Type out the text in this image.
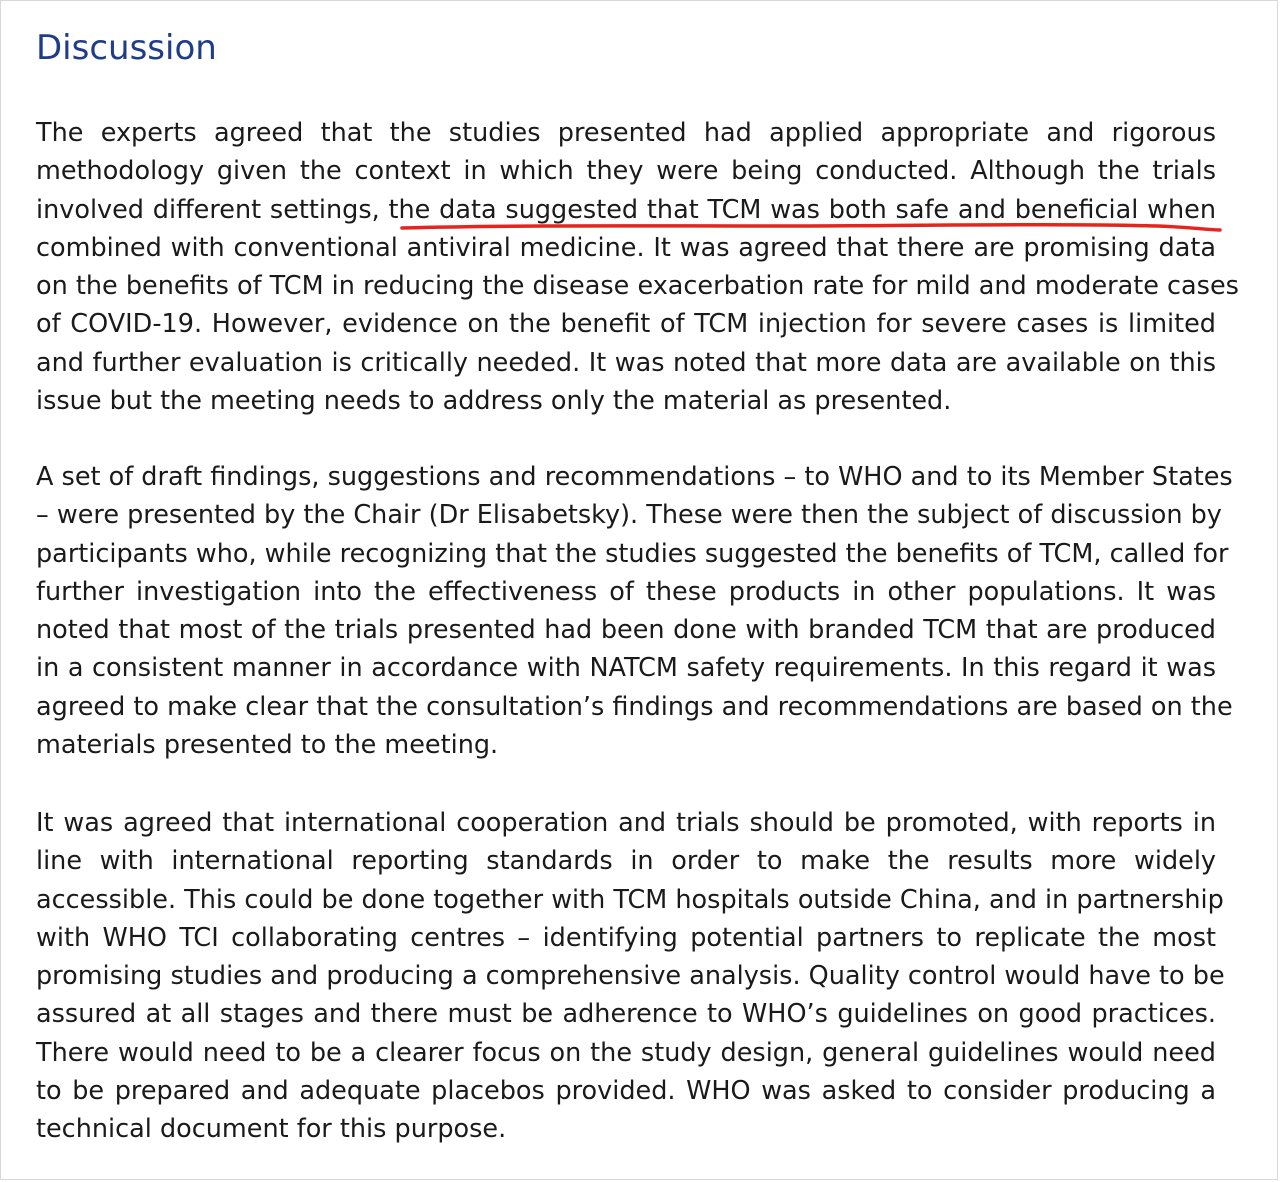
Discussion
The experts agreed that the studies presented had applied appropriate and rigorous
methodology given the context in which they were being conducted. Although the trials
involved different settings, the data suggested that TCM was both safe and beneficial when
combined with conventional antiviral medicine. It was agreed that there are promising data
on the benefits of TCM in reducing the disease exacerbation rate for mild and moderate cases
of COVID-19. However, evidence on the benefit of TCM injection for severe cases is limited
and further evaluation is critically needed. It was noted that more data are available on this
issue but the meeting needs to address only the material as presented.
A set of draft findings, suggestions and recommendations – to WHO and to its Member States
– were presented by the Chair (Dr Elisabetsky). These were then the subject of discussion by
participants who, while recognizing that the studies suggested the benefits of TCM, called for
further investigation into the effectiveness of these products in other populations. It was
noted that most of the trials presented had been done with branded TCM that are produced
in a consistent manner in accordance with NATCM safety requirements. In this regard it was
agreed to make clear that the consultation’s findings and recommendations are based on the
materials presented to the meeting.
It was agreed that international cooperation and trials should be promoted, with reports in
line with international reporting standards in order to make the results more widely
accessible. This could be done together with TCM hospitals outside China, and in partnership
with WHO TCI collaborating centres – identifying potential partners to replicate the most
promising studies and producing a comprehensive analysis. Quality control would have to be
assured at all stages and there must be adherence to WHO’s guidelines on good practices.
There would need to be a clearer focus on the study design, general guidelines would need
to be prepared and adequate placebos provided. WHO was asked to consider producing a
technical document for this purpose.
